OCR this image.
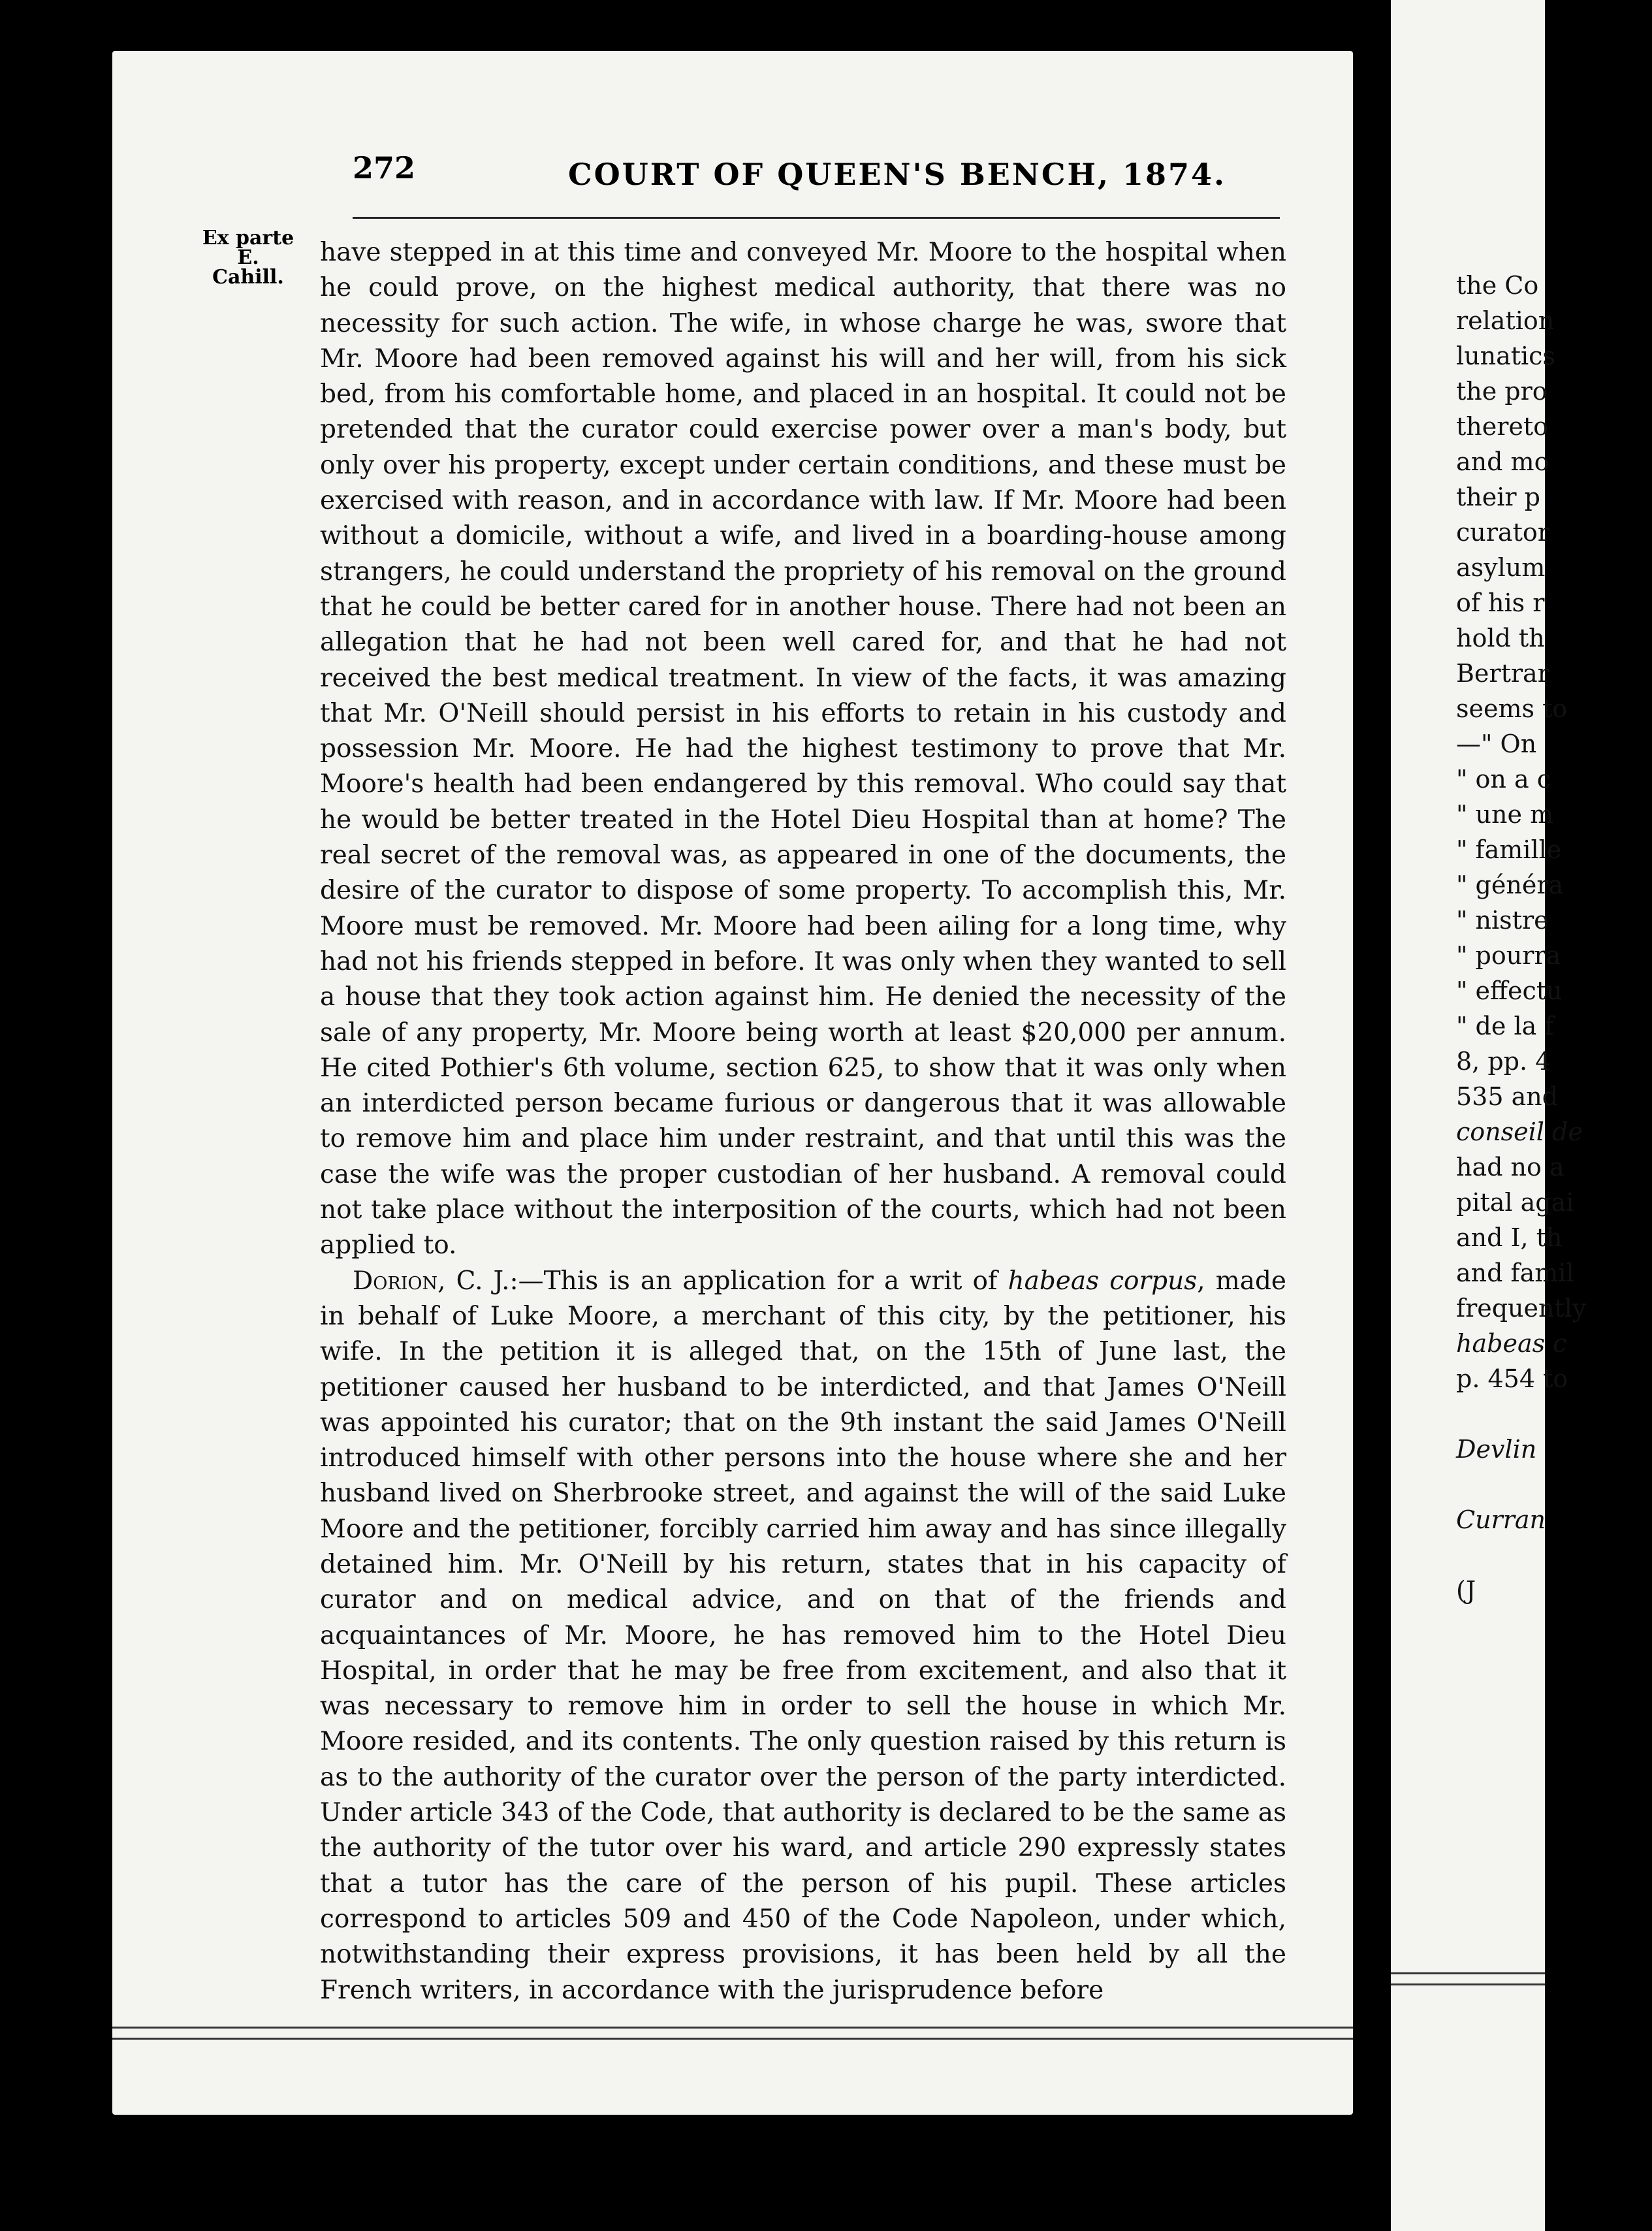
272	COURT OF QUEEN'S BENCH, 1874.
Ex parte E. Cahill.

have stepped in at this time and conveyed Mr. Moore to the hospital when he could prove, on the highest medical authority, that there was no necessity for such action. The wife, in whose charge he was, swore that Mr. Moore had been removed against his will and her will, from his sick bed, from his comfortable home, and placed in an hospital. It could not be pretended that the curator could exercise power over a man's body, but only over his property, except under certain conditions, and these must be exercised with reason, and in accordance with law. If Mr. Moore had been without a domicile, without a wife, and lived in a boarding-house among strangers, he could understand the propriety of his removal on the ground that he could be better cared for in another house. There had not been an allegation that he had not been well cared for, and that he had not received the best medical treatment. In view of the facts, it was amazing that Mr. O'Neill should persist in his efforts to retain in his custody and possession Mr. Moore. He had the highest testimony to prove that Mr. Moore's health had been endangered by this removal. Who could say that he would be better treated in the Hotel Dieu Hospital than at home? The real secret of the removal was, as appeared in one of the documents, the desire of the curator to dispose of some property. To accomplish this, Mr. Moore must be removed. Mr. Moore had been ailing for a long time, why had not his friends stepped in before. It was only when they wanted to sell a house that they took action against him. He denied the necessity of the sale of any property, Mr. Moore being worth at least $20,000 per annum. He cited Pothier's 6th volume, section 625, to show that it was only when an interdicted person became furious or dangerous that it was allowable to remove him and place him under restraint, and that until this was the case the wife was the proper custodian of her husband. A removal could not take place without the interposition of the courts, which had not been applied to.

Dorion, C. J.:—This is an application for a writ of habeas corpus, made in behalf of Luke Moore, a merchant of this city, by the petitioner, his wife. In the petition it is alleged that, on the 15th of June last, the petitioner caused her husband to be interdicted, and that James O'Neill was appointed his curator; that on the 9th instant the said James O'Neill introduced himself with other persons into the house where she and her husband lived on Sherbrooke street, and against the will of the said Luke Moore and the petitioner, forcibly carried him away and has since illegally detained him. Mr. O'Neill by his return, states that in his capacity of curator and on medical advice, and on that of the friends and acquaintances of Mr. Moore, he has removed him to the Hotel Dieu Hospital, in order that he may be free from excitement, and also that it was necessary to remove him in order to sell the house in which Mr. Moore resided, and its contents. The only question raised by this return is as to the authority of the curator over the person of the party interdicted. Under article 343 of the Code, that authority is declared to be the same as the authority of the tutor over his ward, and article 290 expressly states that a tutor has the care of the person of his pupil. These articles correspond to articles 509 and 450 of the Code Napoleon, under which, notwithstanding their express provisions, it has been held by all the French writers, in accordance with the jurisprudence before

the Co
relation
lunatics
the pro
thereto
and mo
their p
curator
asylum
of his r
hold th
Bertrar
seems to
—" On
" on a c
" une m
" famille
" généra
" nistre
" pourra
" effectu
" de la f
8, pp. 4
535 and
conseil de
had no a
pital agai
and I, th
and famil
frequently
habeas c
p. 454 to
Devlin
Curran
(J
